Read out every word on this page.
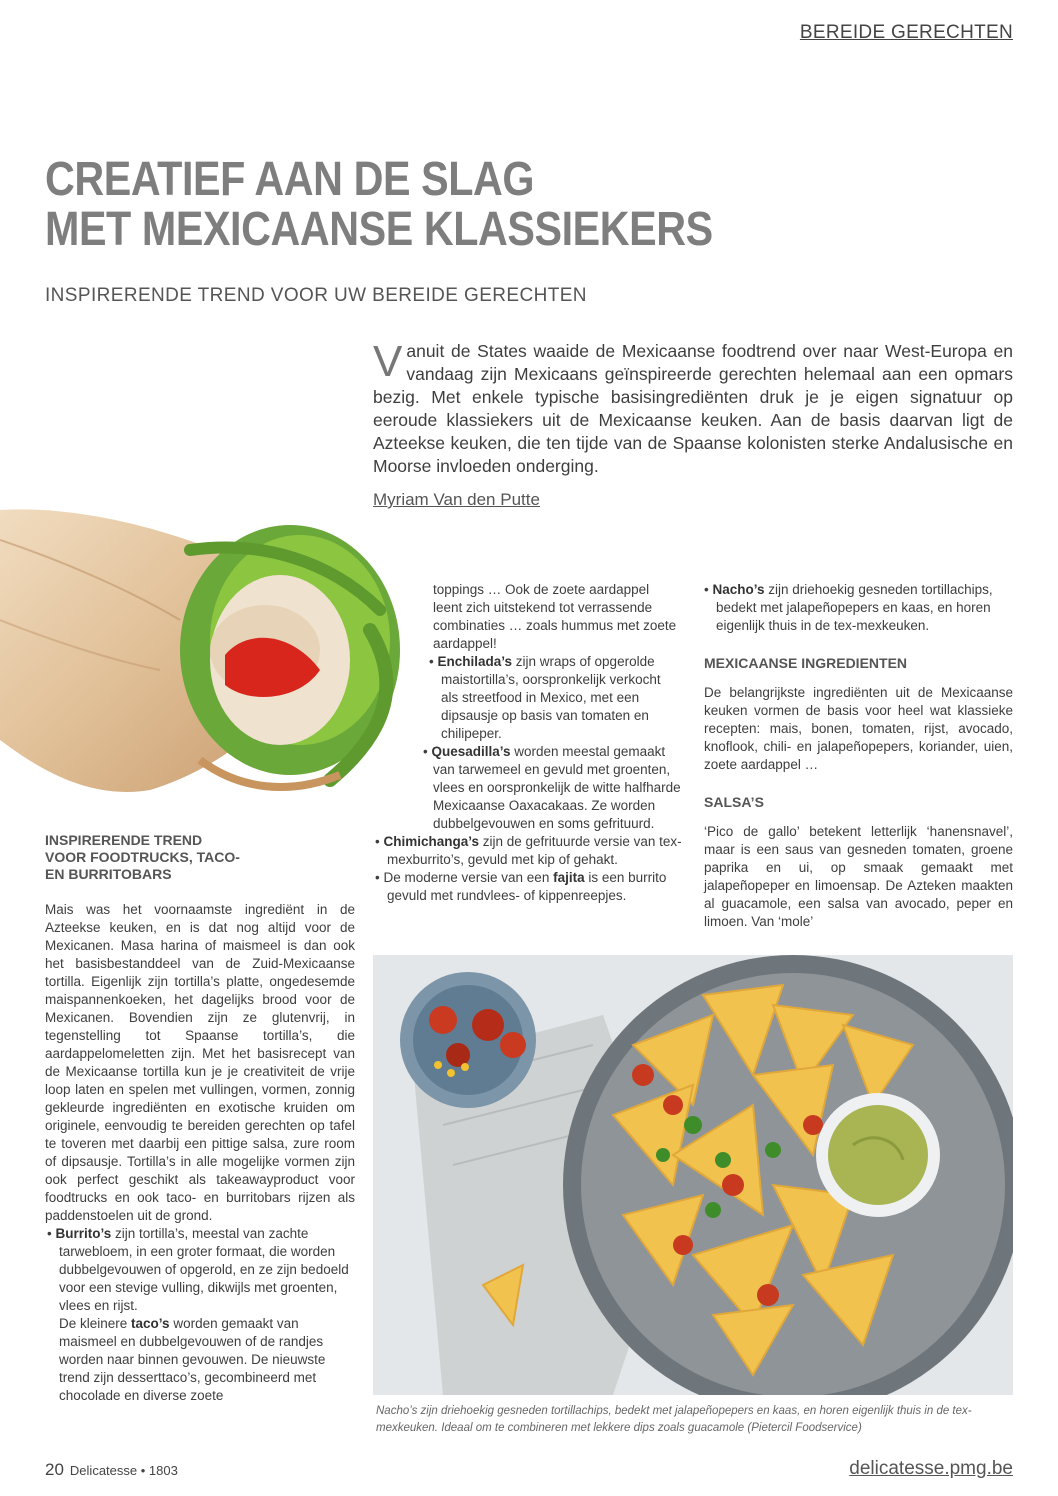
BEREIDE GERECHTEN
CREATIEF AAN DE SLAG
MET MEXICAANSE KLASSIEKERS
INSPIRERENDE TREND VOOR UW BEREIDE GERECHTEN
Vanuit de States waaide de Mexicaanse foodtrend over naar West-Europa en vandaag zijn Mexicaans geïnspireerde gerechten helemaal aan een opmars bezig. Met enkele typische basisingrediënten druk je je eigen signatuur op eeroude klassiekers uit de Mexicaanse keuken. Aan de basis daarvan ligt de Azteekse keuken, die ten tijde van de Spaanse kolonisten sterke Andalusische en Moorse invloeden onderging.
Myriam Van den Putte
INSPIRERENDE TREND VOOR FOODTRUCKS, TACO- EN BURRITOBARS

Mais was het voornaamste ingrediënt in de Azteekse keuken, en is dat nog altijd voor de Mexicanen. Masa harina of maismeel is dan ook het basisbestanddeel van de Zuid-Mexicaanse tortilla. Eigenlijk zijn tortilla’s platte, ongedesemde maispannenkoeken, het dagelijks brood voor de Mexicanen. Bovendien zijn ze glutenvrij, in tegenstelling tot Spaanse tortilla’s, die aardappelomeletten zijn. Met het basisrecept van de Mexicaanse tortilla kun je je creativiteit de vrije loop laten en spelen met vullingen, vormen, zonnig gekleurde ingrediënten en exotische kruiden om originele, eenvoudig te bereiden gerechten op tafel te toveren met daarbij een pittige salsa, zure room of dipsausje. Tortilla’s in alle mogelijke vormen zijn ook perfect geschikt als takeawayproduct voor foodtrucks en ook taco- en burritobars rijzen als paddenstoelen uit de grond.

• Burrito’s zijn tortilla’s, meestal van zachte tarwebloem, in een groter formaat, die worden dubbelgevouwen of opgerold, en ze zijn bedoeld voor een stevige vulling, dikwijls met groenten, vlees en rijst.

De kleinere taco’s worden gemaakt van maismeel en dubbelgevouwen of de randjes worden naar binnen gevouwen. De nieuwste trend zijn desserttaco’s, gecombineerd met chocolade en diverse zoete

toppings … Ook de zoete aardappel leent zich uitstekend tot verrassende combinaties … zoals hummus met zoete aardappel!

• Enchilada’s zijn wraps of opgerolde maistortilla’s, oorspronkelijk verkocht als streetfood in Mexico, met een dipsausje op basis van tomaten en chilipeper.

• Quesadilla’s worden meestal gemaakt van tarwemeel en gevuld met groenten, vlees en oorspronkelijk de witte halfharde Mexicaanse Oaxacakaas. Ze worden dubbelgevouwen en soms gefrituurd.

• Chimichanga’s zijn de gefrituurde versie van tex-mexburrito’s, gevuld met kip of gehakt.

• De moderne versie van een fajita is een burrito gevuld met rundvlees- of kippenreepjes.

• Nacho’s zijn driehoekig gesneden tortillachips, bedekt met jalapeñopepers en kaas, en horen eigenlijk thuis in de tex-mexkeuken.

MEXICAANSE INGREDIENTEN

De belangrijkste ingrediënten uit de Mexicaanse keuken vormen de basis voor heel wat klassieke recepten: mais, bonen, tomaten, rijst, avocado, knoflook, chili- en jalapeñopepers, koriander, uien, zoete aardappel …

SALSA’S

‘Pico de gallo’ betekent letterlijk ‘hanensnavel’, maar is een saus van gesneden tomaten, groene paprika en ui, op smaak gemaakt met jalapeñopeper en limoensap. De Azteken maakten al guacamole, een salsa van avocado, peper en limoen. Van ‘mole’

Nacho’s zijn driehoekig gesneden tortillachips, bedekt met jalapeñopepers en kaas, en horen eigenlijk thuis in de tex-mexkeuken. Ideaal om te combineren met lekkere dips zoals guacamole (Pietercil Foodservice)
20 Delicatesse • 1803	delicatesse.pmg.be
